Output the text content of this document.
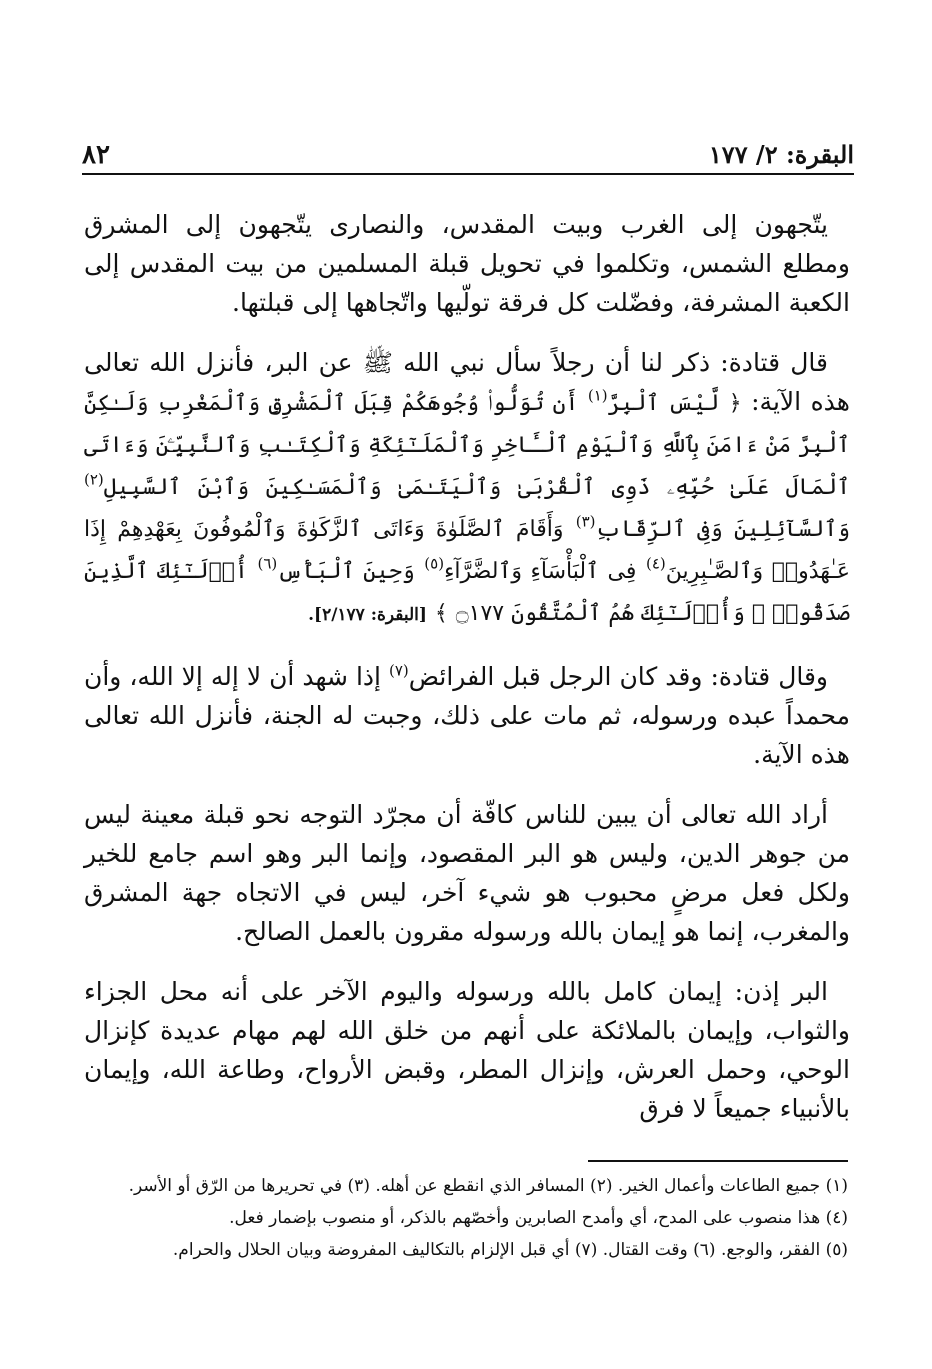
٨٢	البقرة: ٢/ ١٧٧

يتّجهون إلى الغرب وبيت المقدس، والنصارى يتّجهون إلى المشرق ومطلع الشمس، وتكلموا في تحويل قبلة المسلمين من بيت المقدس إلى الكعبة المشرفة، وفضّلت كل فرقة تولّيها واتّجاهها إلى قبلتها.

قال قتادة: ذكر لنا أن رجلاً سأل نبي الله ﷺ عن البر، فأنزل الله تعالى هذه الآية: ﴿ لَّيْسَ ٱلْبِرَّ$^{(١)}$ أَن تُوَلُّوا۟ وُجُوهَكُمْ قِبَلَ ٱلْمَشْرِقِ وَٱلْمَغْرِبِ وَلَـٰكِنَّ ٱلْبِرَّ مَنْ ءَامَنَ بِٱللَّهِ وَٱلْيَوْمِ ٱلْـَٔاخِرِ وَٱلْمَلَـٰٓئِكَةِ وَٱلْكِتَـٰبِ وَٱلنَّبِيِّـۧنَ وَءَاتَى ٱلْمَالَ عَلَىٰ حُبِّهِۦ ذَوِى ٱلْقُرْبَىٰ وَٱلْيَتَـٰمَىٰ وَٱلْمَسَـٰكِينَ وَٱبْنَ ٱلسَّبِيلِ$^{(٢)}$ وَٱلسَّآئِلِينَ وَفِى ٱلرِّقَابِ$^{(٣)}$ وَأَقَامَ ٱلصَّلَوٰةَ وَءَاتَى ٱلزَّكَوٰةَ وَٱلْمُوفُونَ بِعَهْدِهِمْ إِذَا عَـٰهَدُوا۟ وَٱلصَّـٰبِرِينَ$^{(٤)}$ فِى ٱلْبَأْسَآءِ وَٱلضَّرَّآءِ$^{(٥)}$ وَحِينَ ٱلْبَأْسِ$^{(٦)}$ أُو۟لَـٰٓئِكَ ٱلَّذِينَ صَدَقُوا۟ ۖ وَأُو۟لَـٰٓئِكَ هُمُ ٱلْمُتَّقُونَ ۝١٧٧ ﴾ [البقرة: ٢/١٧٧].

وقال قتادة: وقد كان الرجل قبل الفرائض$^{(٧)}$ إذا شهد أن لا إله إلا الله، وأن محمداً عبده ورسوله، ثم مات على ذلك، وجبت له الجنة، فأنزل الله تعالى هذه الآية.

أراد الله تعالى أن يبين للناس كافّة أن مجرّد التوجه نحو قبلة معينة ليس من جوهر الدين، وليس هو البر المقصود، وإنما البر وهو اسم جامع للخير ولكل فعل مرضٍ محبوب هو شيء آخر، ليس في الاتجاه جهة المشرق والمغرب، إنما هو إيمان بالله ورسوله مقرون بالعمل الصالح.

البر إذن: إيمان كامل بالله ورسوله واليوم الآخر على أنه محل الجزاء والثواب، وإيمان بالملائكة على أنهم من خلق الله لهم مهام عديدة كإنزال الوحي، وحمل العرش، وإنزال المطر، وقبض الأرواح، وطاعة الله، وإيمان بالأنبياء جميعاً لا فرق

(١) جميع الطاعات وأعمال الخير. (٢) المسافر الذي انقطع عن أهله. (٣) في تحريرها من الرّق أو الأسر.
(٤) هذا منصوب على المدح، أي وأمدح الصابرين وأخصّهم بالذكر، أو منصوب بإضمار فعل.
(٥) الفقر، والوجع. (٦) وقت القتال. (٧) أي قبل الإلزام بالتكاليف المفروضة وبيان الحلال والحرام.
